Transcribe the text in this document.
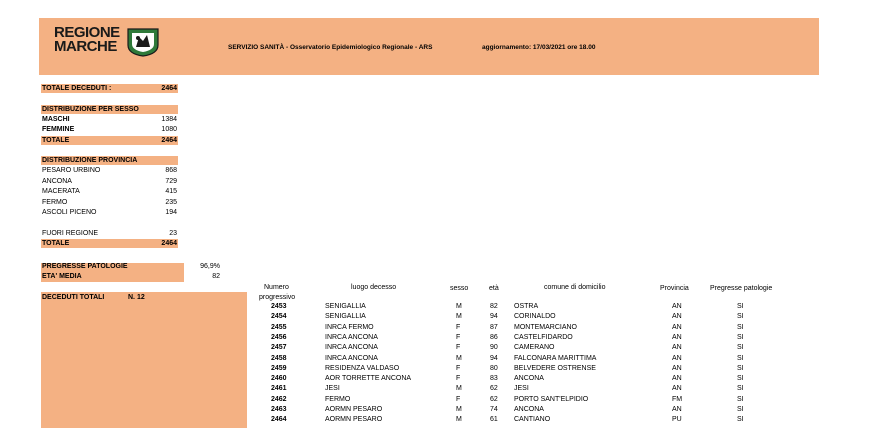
REGIONE
MARCHE	SERVIZIO SANITÀ - Osservatorio Epidemiologico Regionale - ARS	aggiornamento: 17/03/2021 ore 18.00
TOTALE DECEDUTI :	2464
DISTRIBUZIONE PER SESSO
MASCHI	1384
FEMMINE	1080
TOTALE	2464
DISTRIBUZIONE PROVINCIA
PESARO URBINO	868
ANCONA	729
MACERATA	415
FERMO	235
ASCOLI PICENO	194
FUORI REGIONE	23
TOTALE	2464
PREGRESSE PATOLOGIE	96,9%
ETA' MEDIA	82
DECEDUTI TOTALI	N. 12
Numero
progressivo
luogo decesso	sesso	età	comune di domicilio	Provincia	Pregresse patologie
2453	SENIGALLIA	M	82 OSTRA	AN	SI
2454	SENIGALLIA	M	94 CORINALDO	AN	SI
2455	INRCA FERMO	F	87 MONTEMARCIANO	AN	SI
2456	INRCA ANCONA	F	86 CASTELFIDARDO	AN	SI
2457	INRCA ANCONA	F	90 CAMERANO	AN	SI
2458	INRCA ANCONA	M	94 FALCONARA MARITTIMA	AN	SI
2459	RESIDENZA VALDASO	F	80 BELVEDERE OSTRENSE	AN	SI
2460	AOR TORRETTE ANCONA	F	83 ANCONA	AN	SI
2461	JESI	M	62 JESI	AN	SI
2462	FERMO	F	62 PORTO SANT'ELPIDIO	FM	SI
2463	AORMN PESARO	M	74 ANCONA	AN	SI
2464	AORMN PESARO	M	61 CANTIANO	PU	SI
